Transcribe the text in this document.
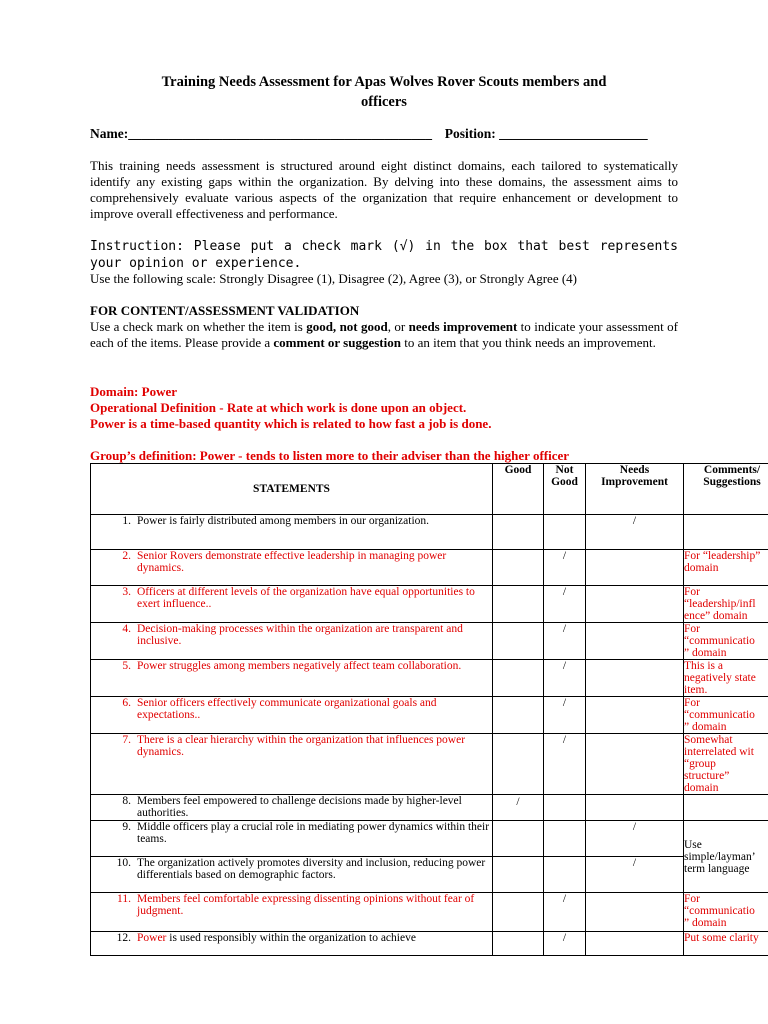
Training Needs Assessment for Apas Wolves Rover Scouts members and
officers
Name:_____________________________________________ Position: ______________________
This training needs assessment is structured around eight distinct domains, each tailored to systematically identify any existing gaps within the organization. By delving into these domains, the assessment aims to comprehensively evaluate various aspects of the organization that require enhancement or development to improve overall effectiveness and performance.
Instruction: Please put a check mark (√) in the box that best represents your opinion or experience.
Use the following scale: Strongly Disagree (1), Disagree (2), Agree (3), or Strongly Agree (4)
FOR CONTENT/ASSESSMENT VALIDATION
Use a check mark on whether the item is good, not good, or needs improvement to indicate your assessment of each of the items. Please provide a comment or suggestion to an item that you think needs an improvement.
Domain: Power
Operational Definition - Rate at which work is done upon an object.
Power is a time-based quantity which is related to how fast a job is done.
Group’s definition: Power - tends to listen more to their adviser than the higher officer
STATEMENTS	Good	Not Good	Needs Improvement	Comments/ Suggestions

1. Power is fairly distributed among members in our organization.			/	

2. Senior Rovers demonstrate effective leadership in managing power dynamics.		/		For “leadership”
domain

3. Officers at different levels of the organization have equal opportunities to exert influence..		/		For
“leadership/infl
ence” domain

4. Decision-making processes within the organization are transparent and inclusive.		/		For
“communicatio
” domain

5. Power struggles among members negatively affect team collaboration.		/		This is a
negatively state
item.

6. Senior officers effectively communicate organizational goals and expectations..		/		For
“communicatio
” domain

7. There is a clear hierarchy within the organization that influences power dynamics.		/		Somewhat
interrelated wit
“group
structure”
domain

8. Members feel empowered to challenge decisions made by higher-level authorities.	/			

9. Middle officers play a crucial role in mediating power dynamics within their teams.			/	Use
simple/layman’
term language

10. The organization actively promotes diversity and inclusion, reducing power differentials based on demographic factors.			/	

11. Members feel comfortable expressing dissenting opinions without fear of judgment.		/		For
“communicatio
” domain

12. Power is used responsibly within the organization to achieve		/		Put some clarity
